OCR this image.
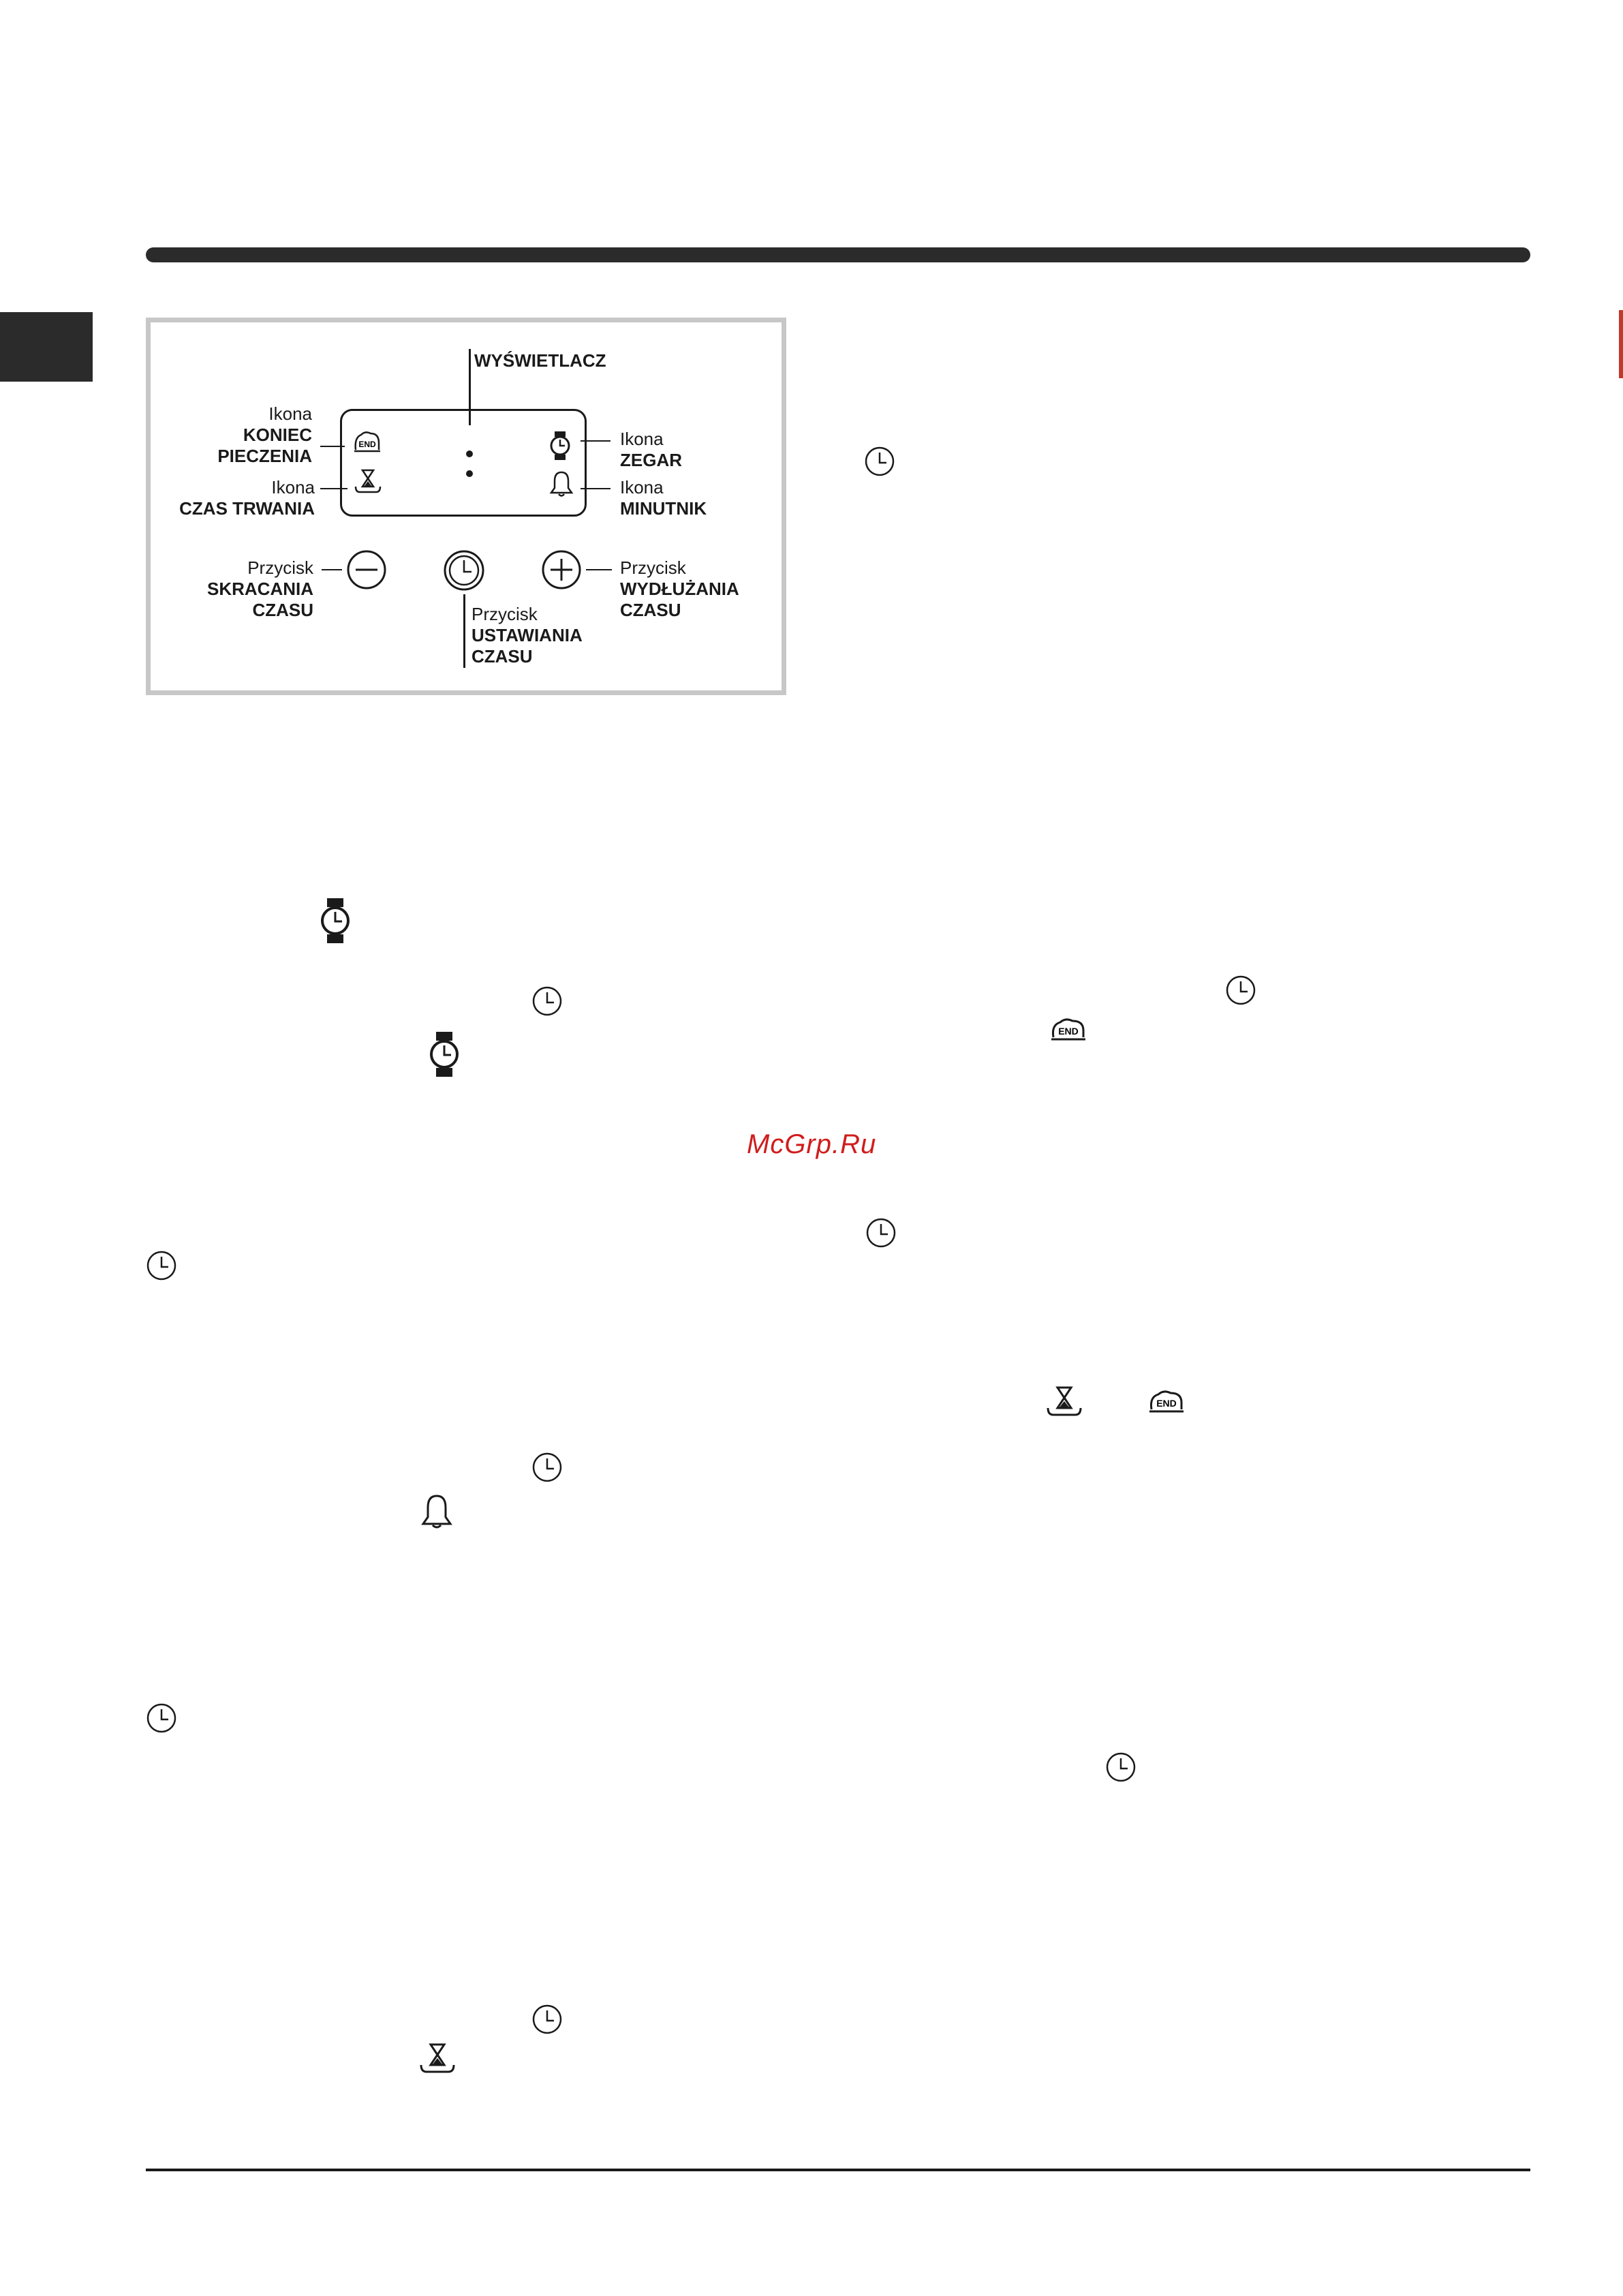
WYŚWIETLACZ
END
Ikona
KONIEC
PIECZENIA
Ikona
CZAS TRWANIA
Ikona
ZEGAR
Ikona
MINUTNIK
Przycisk
SKRACANIA
CZASU
Przycisk
WYDŁUŻANIA
CZASU
Przycisk
USTAWIANIA
CZASU
END
END
McGrp.Ru
